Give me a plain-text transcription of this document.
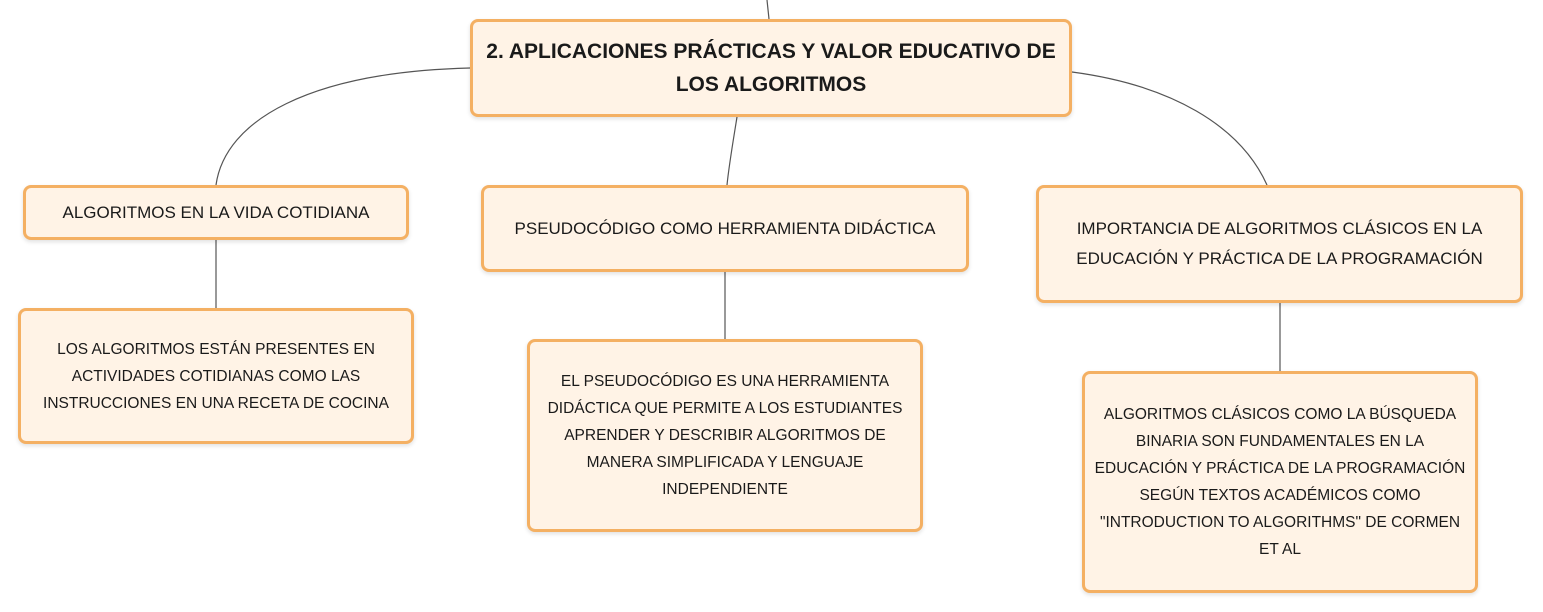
2. APLICACIONES PRÁCTICAS Y VALOR EDUCATIVO DE LOS ALGORITMOS
ALGORITMOS EN LA VIDA COTIDIANA
PSEUDOCÓDIGO COMO HERRAMIENTA DIDÁCTICA	IMPORTANCIA DE ALGORITMOS CLÁSICOS EN LA EDUCACIÓN Y PRÁCTICA DE LA PROGRAMACIÓN
LOS ALGORITMOS ESTÁN PRESENTES EN ACTIVIDADES COTIDIANAS COMO LAS INSTRUCCIONES EN UNA RECETA DE COCINA
EL PSEUDOCÓDIGO ES UNA HERRAMIENTA DIDÁCTICA QUE PERMITE A LOS ESTUDIANTES APRENDER Y DESCRIBIR ALGORITMOS DE MANERA SIMPLIFICADA Y LENGUAJE INDEPENDIENTE
ALGORITMOS CLÁSICOS COMO LA BÚSQUEDA BINARIA SON FUNDAMENTALES EN LA EDUCACIÓN Y PRÁCTICA DE LA PROGRAMACIÓN SEGÚN TEXTOS ACADÉMICOS COMO "INTRODUCTION TO ALGORITHMS" DE CORMEN ET AL
